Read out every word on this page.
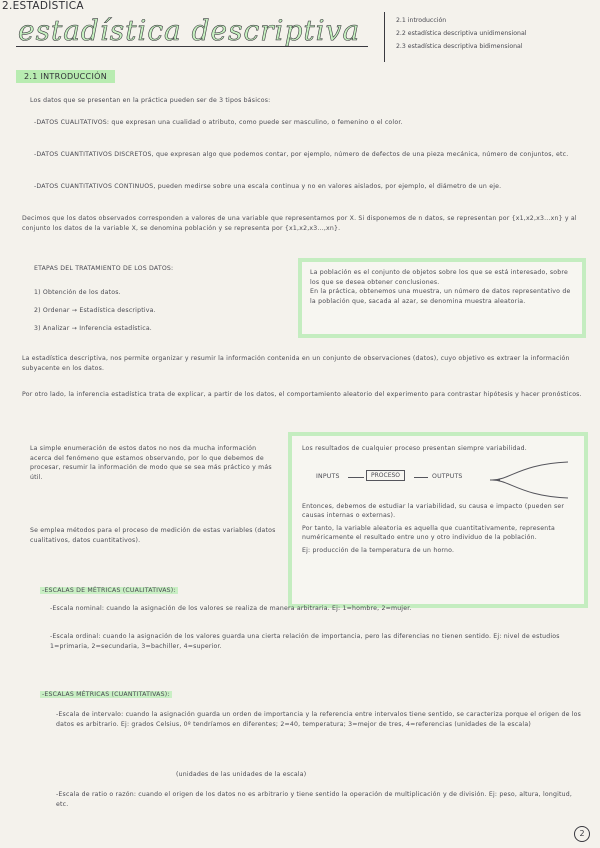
2.ESTADÍSTICA
estadística descriptiva	2.1 introducción
2.2 estadística descriptiva unidimensional
2.3 estadística descriptiva bidimensional
2.1 INTRODUCCIÓN
Los datos que se presentan en la práctica pueden ser de 3 tipos básicos:
-DATOS CUALITATIVOS: que expresan una cualidad o atributo, como puede ser masculino, o femenino o el color.
-DATOS CUANTITATIVOS DISCRETOS, que expresan algo que podemos contar, por ejemplo, número de defectos de una pieza mecánica, número de conjuntos, etc.
-DATOS CUANTITATIVOS CONTINUOS, pueden medirse sobre una escala continua y no en valores aislados, por ejemplo, el diámetro de un eje.
Decimos que los datos observados corresponden a valores de una variable que representamos por X. Si disponemos de n datos, se representan por {x1,x2,x3...xn} y al conjunto los datos de la variable X, se denomina población y se representa por {x1,x2,x3...,xn}.
ETAPAS DEL TRATAMIENTO DE LOS DATOS:
1) Obtención de los datos.
2) Ordenar → Estadística descriptiva.
3) Analizar → Inferencia estadística.
La población es el conjunto de objetos sobre los que se está interesado, sobre los que se desea obtener conclusiones.
En la práctica, obtenemos una muestra, un número de datos representativo de la población que, sacada al azar, se denomina muestra aleatoria.
La estadística descriptiva, nos permite organizar y resumir la información contenida en un conjunto de observaciones (datos), cuyo objetivo es extraer la información subyacente en los datos.
Por otro lado, la inferencia estadística trata de explicar, a partir de los datos, el comportamiento aleatorio del experimento para contrastar hipótesis y hacer pronósticos.
La simple enumeración de estos datos no nos da mucha información acerca del fenómeno que estamos observando, por lo que debemos de procesar, resumir la información de modo que se sea más práctico y más útil.
Se emplea métodos para el proceso de medición de estas variables (datos cualitativos, datos cuantitativos).
Los resultados de cualquier proceso presentan siempre variabilidad.
INPUTS	PROCESO	OUTPUTS
Entonces, debemos de estudiar la variabilidad, su causa e impacto (pueden ser causas internas o externas).
Por tanto, la variable aleatoria es aquella que cuantitativamente, representa numéricamente el resultado entre uno y otro individuo de la población.
Ej: producción de la temperatura de un horno.
-ESCALAS DE MÉTRICAS (CUALITATIVAS):
-Escala nominal: cuando la asignación de los valores se realiza de manera arbitraria. Ej: 1=hombre, 2=mujer.
-Escala ordinal: cuando la asignación de los valores guarda una cierta relación de importancia, pero las diferencias no tienen sentido. Ej: nivel de estudios 1=primaria, 2=secundaria, 3=bachiller, 4=superior.
-ESCALAS MÉTRICAS (CUANTITATIVAS):
-Escala de intervalo: cuando la asignación guarda un orden de importancia y la referencia entre intervalos tiene sentido, se caracteriza porque el origen de los datos es arbitrario. Ej: grados Celsius, 0º tendríamos en diferentes; 2=40, temperatura; 3=mejor de tres, 4=referencias (unidades de la escala)
(unidades de las unidades de la escala)
-Escala de ratio o razón: cuando el origen de los datos no es arbitrario y tiene sentido la operación de multiplicación y de división. Ej: peso, altura, longitud, etc.
2
